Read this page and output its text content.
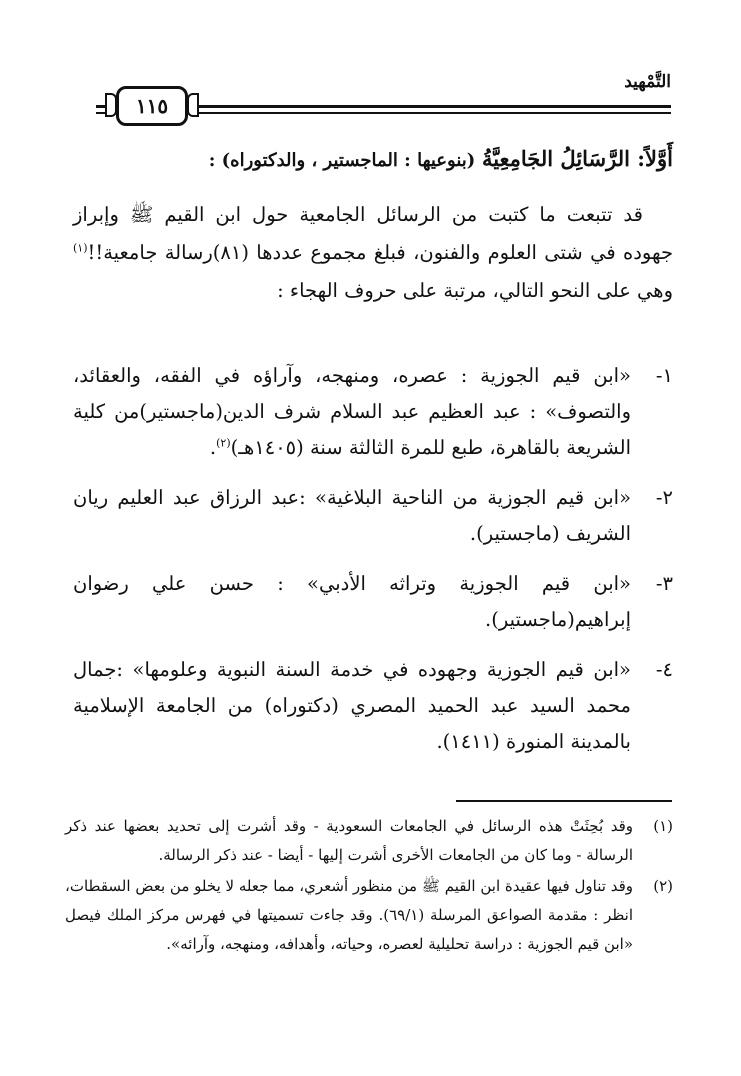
التَّمْهيد
١١٥
أَوَّلاً: الرَّسَائِلُ الجَامِعِيَّةُ (بنوعيها : الماجستير ، والدكتوراه) :
قد تتبعت ما كتبت من الرسائل الجامعية حول ابن القيم ﷺ وإبراز جهوده في شتى العلوم والفنون، فبلغ مجموع عددها (٨١)رسالة جامعية!!$^{(١)}$ وهي على النحو التالي، مرتبة على حروف الهجاء :
١-
«ابن قيم الجوزية : عصره، ومنهجه، وآراؤه في الفقه، والعقائد، والتصوف» : عبد العظيم عبد السلام شرف الدين(ماجستير)من كلية الشريعة بالقاهرة، طبع للمرة الثالثة سنة (١٤٠٥هـ)$^{(٢)}$.
٢-
«ابن قيم الجوزية من الناحية البلاغية» :عبد الرزاق عبد العليم ريان الشريف (ماجستير).
٣-
«ابن قيم الجوزية وتراثه الأدبي» : حسن علي رضوان إبراهيم(ماجستير).
٤-
«ابن قيم الجوزية وجهوده في خدمة السنة النبوية وعلومها» :جمال محمد السيد عبد الحميد المصري (دكتوراه) من الجامعة الإسلامية بالمدينة المنورة (١٤١١).
(١)
وقد بُحِثَتْ هذه الرسائل في الجامعات السعودية - وقد أشرت إلى تحديد بعضها عند ذكر الرسالة - وما كان من الجامعات الأخرى أشرت إليها - أيضا - عند ذكر الرسالة.
(٢)
وقد تناول فيها عقيدة ابن القيم ﷺ من منظور أشعري، مما جعله لا يخلو من بعض السقطات، انظر : مقدمة الصواعق المرسلة (٦٩/١). وقد جاءت تسميتها في فهرس مركز الملك فيصل «ابن قيم الجوزية : دراسة تحليلية لعصره، وحياته، وأهدافه، ومنهجه، وآرائه».
